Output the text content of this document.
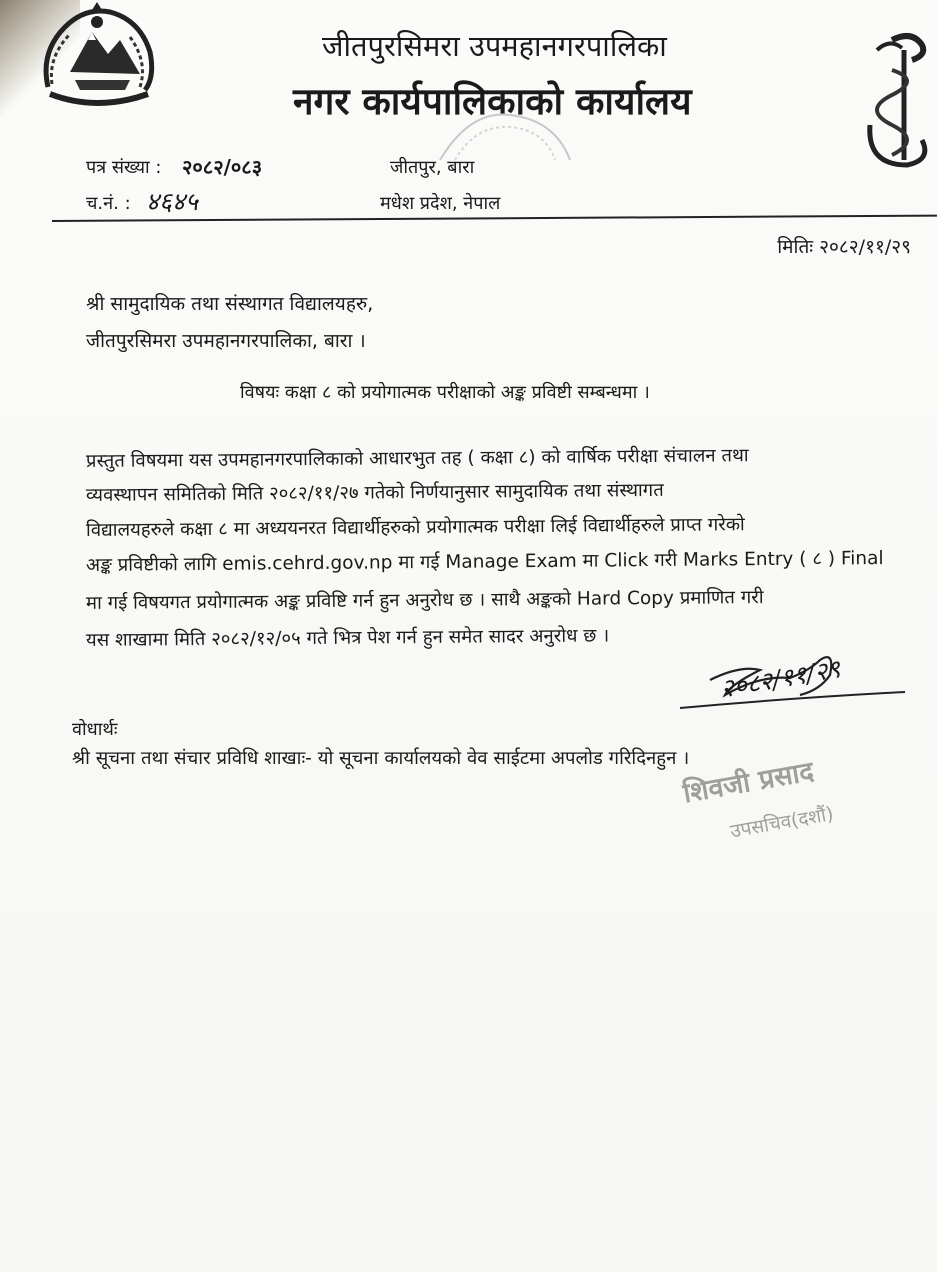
जीतपुरसिमरा उपमहानगरपालिका
नगर कार्यपालिकाको कार्यालय
पत्र संख्या : २०८२/०८३	जीतपुर, बारा
च.नं. : ४६४५	मधेश प्रदेश, नेपाल
मितिः २०८२/११/२९
श्री सामुदायिक तथा संस्थागत विद्यालयहरु,
जीतपुरसिमरा उपमहानगरपालिका, बारा ।
विषयः कक्षा ८ को प्रयोगात्मक परीक्षाको अङ्क प्रविष्टी सम्बन्धमा ।
प्रस्तुत विषयमा यस उपमहानगरपालिकाको आधारभुत तह ( कक्षा ८) को वार्षिक परीक्षा संचालन तथा
व्यवस्थापन समितिको मिति २०८२/११/२७ गतेको निर्णयानुसार सामुदायिक तथा संस्थागत
विद्यालयहरुले कक्षा ८ मा अध्ययनरत विद्यार्थीहरुको प्रयोगात्मक परीक्षा लिई विद्यार्थीहरुले प्राप्त गरेको
अङ्क प्रविष्टीको लागि emis.cehrd.gov.np मा गई Manage Exam मा Click गरी Marks Entry ( ८ ) Final
मा गई विषयगत प्रयोगात्मक अङ्क प्रविष्टि गर्न हुन अनुरोध छ । साथै अङ्कको Hard Copy प्रमाणित गरी
यस शाखामा मिति २०८२/१२/०५ गते भित्र पेश गर्न हुन समेत सादर अनुरोध छ ।
२०८२/११/२९
वोधार्थः
श्री सूचना तथा संचार प्रविधि शाखाः- यो सूचना कार्यालयको वेव साईटमा अपलोड गरिदिनहुन ।
शिवजी प्रसाद
उपसचिव(दशौं)
